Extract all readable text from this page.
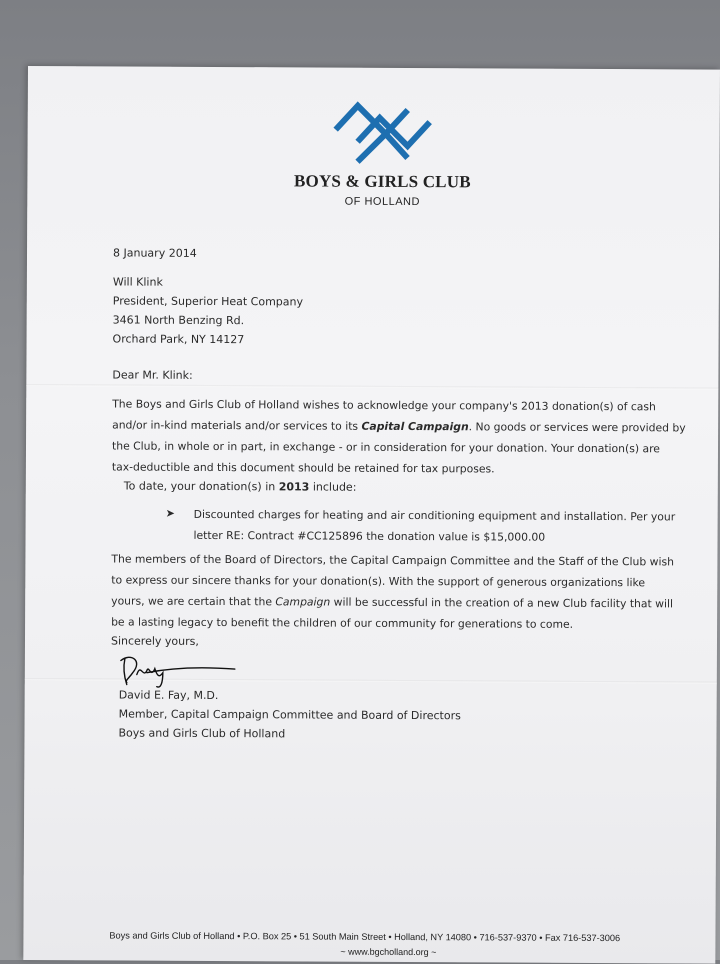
BOYS & GIRLS CLUB
OF HOLLAND
8 January 2014
Will Klink
President, Superior Heat Company
3461 North Benzing Rd.
Orchard Park, NY 14127
Dear Mr. Klink:
The Boys and Girls Club of Holland wishes to acknowledge your company's 2013 donation(s) of cash
and/or in-kind materials and/or services to its Capital Campaign. No goods or services were provided by
the Club, in whole or in part, in exchange - or in consideration for your donation. Your donation(s) are
tax-deductible and this document should be retained for tax purposes.
To date, your donation(s) in 2013 include:
➤ Discounted charges for heating and air conditioning equipment and installation. Per your
letter RE: Contract #CC125896 the donation value is $15,000.00
The members of the Board of Directors, the Capital Campaign Committee and the Staff of the Club wish
to express our sincere thanks for your donation(s). With the support of generous organizations like
yours, we are certain that the Campaign will be successful in the creation of a new Club facility that will
be a lasting legacy to benefit the children of our community for generations to come.
Sincerely yours,
David E. Fay, M.D.
Member, Capital Campaign Committee and Board of Directors
Boys and Girls Club of Holland
Boys and Girls Club of Holland • P.O. Box 25 • 51 South Main Street • Holland, NY 14080 • 716-537-9370 • Fax 716-537-3006
~ www.bgcholland.org ~
